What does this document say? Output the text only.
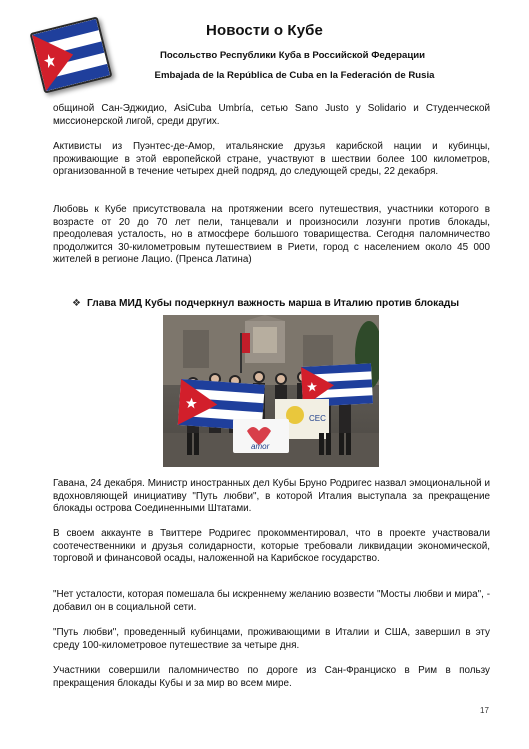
Новости о Кубе
Посольство Республики Куба в Российской Федерации
Embajada de la República de Cuba en la Federación de Rusia

общиной Сан-Эджидио, AsiCuba Umbría, сетью Sano Justo y Solidario и Студенческой миссионерской лигой, среди других.

Активисты из Пуэнтес-де-Амор, итальянские друзья карибской нации и кубинцы, проживающие в этой европейской стране, участвуют в шествии более 100 километров, организованной в течение четырех дней подряд, до следующей среды, 22 декабря.

Любовь к Кубе присутствовала на протяжении всего путешествия, участники которого в возрасте от 20 до 70 лет пели, танцевали и произносили лозунги против блокады, преодолевая усталость, но в атмосфере большого товарищества. Сегодня паломничество продолжится 30-километровым путешествием в Риети, город с населением около 45 000 жителей в регионе Лацио. (Пренса Латина)

❖ Глава МИД Кубы подчеркнул важность марша в Италию против блокады
CEC
amor

Гавана, 24 декабря. Министр иностранных дел Кубы Бруно Родригес назвал эмоциональной и вдохновляющей инициативу "Путь любви", в которой Италия выступала за прекращение блокады острова Соединенными Штатами.

В своем аккаунте в Твиттере Родригес прокомментировал, что в проекте участвовали соотечественники и друзья солидарности, которые требовали ликвидации экономической, торговой и финансовой осады, наложенной на Карибское государство.

"Нет усталости, которая помешала бы искреннему желанию возвести "Мосты любви и мира", - добавил он в социальной сети.

"Путь любви", проведенный кубинцами, проживающими в Италии и США, завершил в эту среду 100-километровое путешествие за четыре дня.

Участники совершили паломничество по дороге из Сан-Франциско в Рим в пользу прекращения блокады Кубы и за мир во всем мире.

17
